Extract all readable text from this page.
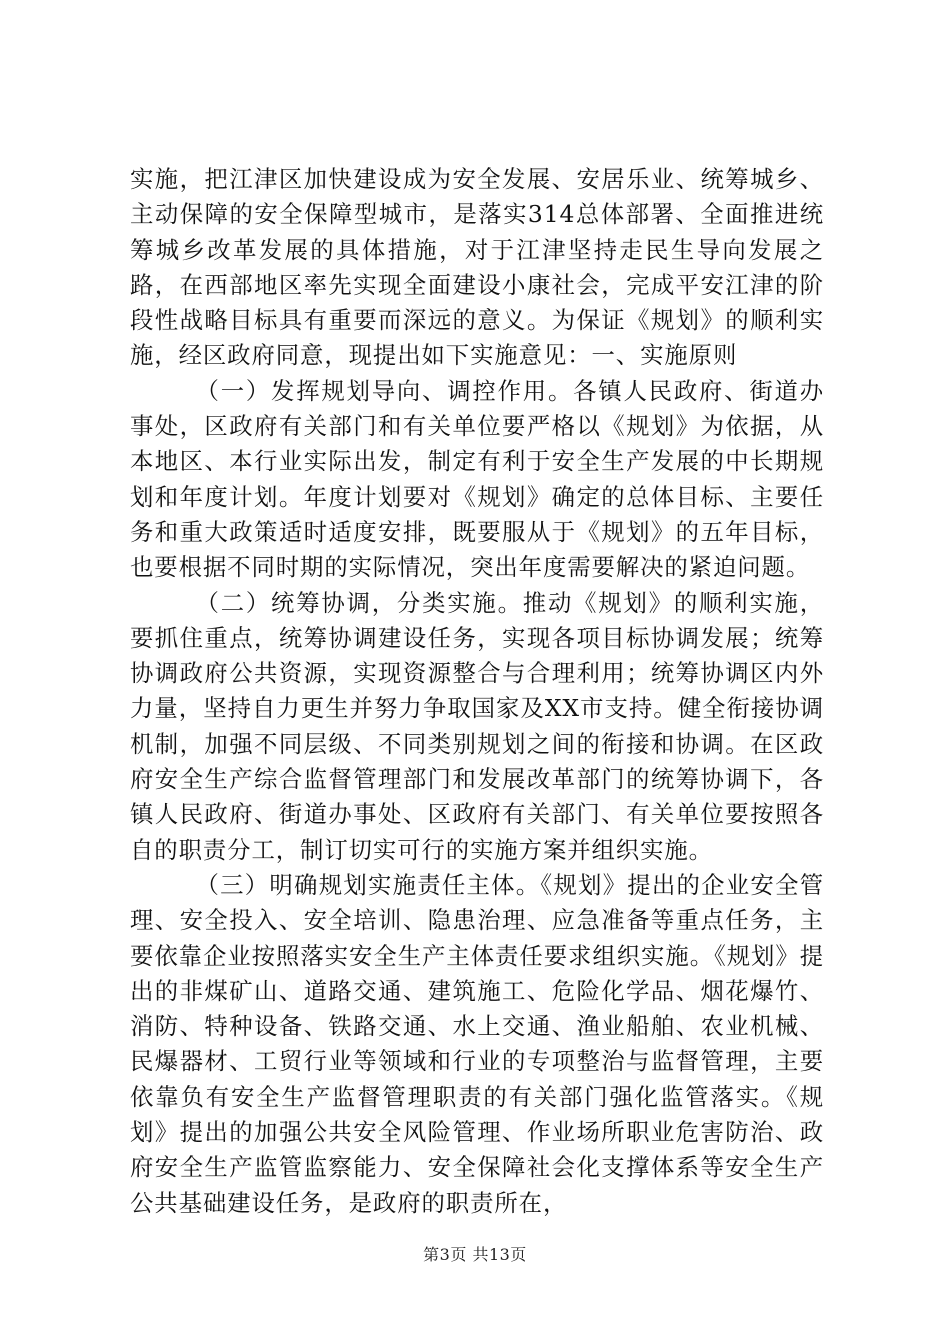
实施，把江津区加快建设成为安全发展、安居乐业、统筹城乡、主动保障的安全保障型城市，是落实314总体部署、全面推进统筹城乡改革发展的具体措施，对于江津坚持走民生导向发展之路，在西部地区率先实现全面建设小康社会，完成平安江津的阶段性战略目标具有重要而深远的意义。为保证《规划》的顺利实施，经区政府同意，现提出如下实施意见：一、实施原则

（一）发挥规划导向、调控作用。各镇人民政府、街道办事处，区政府有关部门和有关单位要严格以《规划》为依据，从本地区、本行业实际出发，制定有利于安全生产发展的中长期规划和年度计划。年度计划要对《规划》确定的总体目标、主要任务和重大政策适时适度安排，既要服从于《规划》的五年目标，也要根据不同时期的实际情况，突出年度需要解决的紧迫问题。

（二）统筹协调，分类实施。推动《规划》的顺利实施，要抓住重点，统筹协调建设任务，实现各项目标协调发展；统筹协调政府公共资源，实现资源整合与合理利用；统筹协调区内外力量，坚持自力更生并努力争取国家及XX市支持。健全衔接协调机制，加强不同层级、不同类别规划之间的衔接和协调。在区政府安全生产综合监督管理部门和发展改革部门的统筹协调下，各镇人民政府、街道办事处、区政府有关部门、有关单位要按照各自的职责分工，制订切实可行的实施方案并组织实施。

（三）明确规划实施责任主体。《规划》提出的企业安全管理、安全投入、安全培训、隐患治理、应急准备等重点任务，主要依靠企业按照落实安全生产主体责任要求组织实施。《规划》提出的非煤矿山、道路交通、建筑施工、危险化学品、烟花爆竹、消防、特种设备、铁路交通、水上交通、渔业船舶、农业机械、民爆器材、工贸行业等领域和行业的专项整治与监督管理，主要依靠负有安全生产监督管理职责的有关部门强化监管落实。《规划》提出的加强公共安全风险管理、作业场所职业危害防治、政府安全生产监管监察能力、安全保障社会化支撑体系等安全生产公共基础建设任务，是政府的职责所在，

第3页 共13页
